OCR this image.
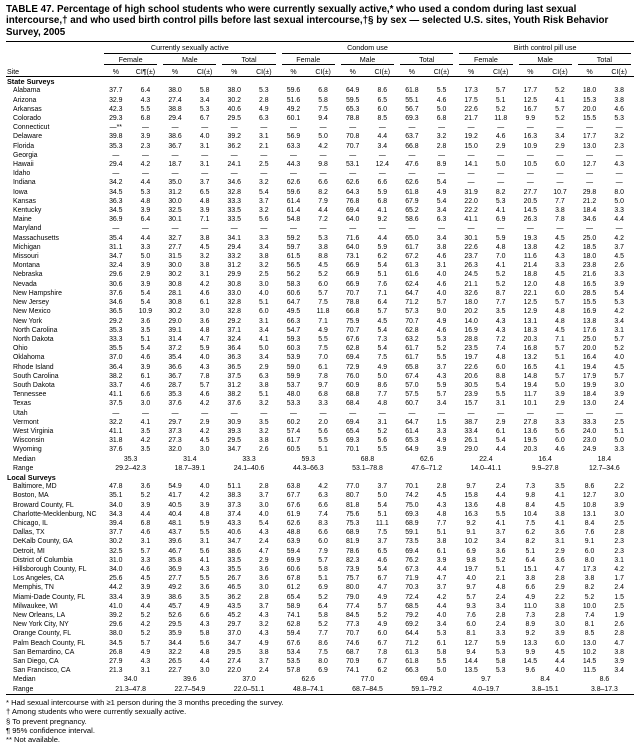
TABLE 47. Percentage of high school students who were currently sexually active,* who used a condom during last sexual intercourse,† and who used birth control pills before last sexual intercourse,†§ by sex — selected U.S. sites, Youth Risk Behavior Survey, 2005

	Currently sexually active						Condom use						Birth control pill use					

	Female		Male		Total		Female		Male		Total		Female		Male		Total	

Site	%	CI¶(±)	%	CI(±)	%	CI(±)	%	CI(±)	%	CI(±)	%	CI(±)	%	CI(±)	%	CI(±)	%	CI(±)
State Surveys																		
Alabama	37.7	6.4	38.0	5.8	38.0	5.3	59.6	6.8	64.9	8.6	61.8	5.5	17.3	5.7	17.7	5.2	18.0	3.8
Arizona	32.9	4.3	27.4	3.4	30.2	2.8	51.6	5.8	59.5	6.5	55.1	4.6	17.5	5.1	12.5	4.1	15.3	3.8
Arkansas	42.3	5.5	38.8	5.3	40.6	4.9	49.2	7.5	65.3	6.0	56.7	5.0	22.6	5.2	16.7	5.7	20.0	4.6
Colorado	29.3	6.8	29.4	6.7	29.5	6.3	60.1	9.4	78.8	8.5	69.3	6.8	21.7	11.8	9.9	5.2	15.5	5.3
Connecticut	—**	—	—	—	—	—	—	—	—	—	—	—	—	—	—	—	—	—
Delaware	39.8	3.9	38.6	4.0	39.2	3.1	56.9	5.0	70.8	4.4	63.7	3.2	19.2	4.6	16.3	3.4	17.7	3.2
Florida	35.3	2.3	36.7	3.1	36.2	2.1	63.3	4.2	70.7	3.4	66.8	2.8	15.0	2.9	10.9	2.9	13.0	2.3
Georgia	—	—	—	—	—	—	—	—	—	—	—	—	—	—	—	—	—	—
Hawaii	29.4	4.2	18.7	3.1	24.1	2.5	44.3	9.8	53.1	12.4	47.6	8.9	14.1	5.0	10.5	6.0	12.7	4.3
Idaho	—	—	—	—	—	—	—	—	—	—	—	—	—	—	—	—	—	—
Indiana	34.2	4.4	35.0	3.7	34.6	3.2	62.6	6.6	62.6	6.6	62.6	5.4	—	—	—	—	—	—
Iowa	34.5	5.3	31.2	6.5	32.8	5.4	59.6	8.2	64.3	5.9	61.8	4.9	31.9	8.2	27.7	10.7	29.8	8.0
Kansas	36.3	4.8	30.0	4.8	33.3	3.7	61.4	7.9	76.8	6.8	67.9	5.4	22.0	5.3	20.5	7.7	21.2	5.0
Kentucky	34.5	3.9	32.5	3.9	33.5	3.2	61.4	4.4	69.4	4.1	65.2	3.4	22.2	4.1	14.5	3.8	18.4	3.3
Maine	36.9	6.4	30.1	7.1	33.5	5.6	54.8	7.2	64.0	9.2	58.6	6.3	41.1	6.9	26.3	7.8	34.6	4.4
Maryland	—	—	—	—	—	—	—	—	—	—	—	—	—	—	—	—	—	—
Massachusetts	35.4	4.4	32.7	3.8	34.1	3.3	59.2	5.3	71.6	4.4	65.0	3.4	30.1	5.9	19.3	4.5	25.0	4.2
Michigan	31.1	3.3	27.7	4.5	29.4	3.4	59.7	3.8	64.0	5.9	61.7	3.8	22.6	4.8	13.8	4.2	18.5	3.7
Missouri	34.7	5.0	31.5	3.2	33.2	3.8	61.5	8.8	73.1	6.2	67.2	4.6	23.7	7.0	11.6	4.3	18.0	4.5
Montana	32.4	3.9	30.0	3.8	31.2	3.2	56.5	4.5	66.9	5.4	61.3	3.1	26.3	4.1	21.4	3.3	23.8	2.6
Nebraska	29.6	2.9	30.2	3.1	29.9	2.5	56.2	5.2	66.9	5.1	61.6	4.0	24.5	5.2	18.8	4.5	21.6	3.3
Nevada	30.6	3.9	30.8	4.2	30.8	3.0	58.3	6.0	66.9	7.6	62.4	4.6	21.1	5.2	12.0	4.8	16.5	3.9
New Hampshire	37.6	5.4	28.1	4.6	33.0	4.0	60.6	5.7	70.7	7.1	64.7	4.0	32.6	8.7	22.1	6.0	28.5	5.4
New Jersey	34.6	5.4	30.8	6.1	32.8	5.1	64.7	7.5	78.8	6.4	71.2	5.7	18.0	7.7	12.5	5.7	15.5	5.3
New Mexico	36.5	10.9	30.2	3.0	32.8	6.0	49.5	11.8	66.8	5.7	57.3	9.0	20.2	3.5	12.9	4.8	16.9	4.2
New York	29.2	3.6	29.0	3.6	29.2	3.1	66.3	7.1	75.9	4.5	70.7	4.9	14.0	4.3	13.1	4.8	13.8	3.4
North Carolina	35.3	3.5	39.1	4.8	37.1	3.4	54.7	4.9	70.7	5.4	62.8	4.6	16.9	4.3	18.3	4.5	17.6	3.1
North Dakota	33.3	5.1	31.4	4.7	32.4	4.1	59.3	5.5	67.6	7.3	63.2	5.3	28.8	7.2	20.3	7.1	25.0	5.7
Ohio	35.5	5.4	37.2	5.9	36.4	5.0	60.3	7.5	62.8	5.4	61.7	5.2	23.5	7.4	16.8	5.7	20.0	5.2
Oklahoma	37.0	4.6	35.4	4.0	36.3	3.4	53.9	7.0	69.4	7.5	61.7	5.5	19.7	4.8	13.2	5.1	16.4	4.0
Rhode Island	36.4	3.9	36.6	4.3	36.5	2.9	59.0	6.1	72.9	4.9	65.8	3.7	22.6	6.0	16.5	4.1	19.4	4.5
South Carolina	38.2	6.1	36.7	7.8	37.5	6.3	59.9	7.8	76.0	5.0	67.4	4.3	20.6	8.8	14.8	5.7	17.9	5.7
South Dakota	33.7	4.6	28.7	5.7	31.2	3.8	53.7	9.7	60.9	8.6	57.0	5.9	30.5	5.4	19.4	5.0	19.9	3.0
Tennessee	41.1	6.6	35.3	4.6	38.2	5.1	48.0	6.8	68.8	7.7	57.5	5.7	23.9	5.5	11.7	3.9	18.4	3.9
Texas	37.5	3.0	37.6	4.2	37.6	3.2	53.3	3.3	68.4	4.8	60.7	3.4	15.7	3.1	10.1	2.9	13.0	2.4
Utah	—	—	—	—	—	—	—	—	—	—	—	—	—	—	—	—	—	—
Vermont	32.2	4.1	29.7	2.9	30.9	3.5	60.2	2.0	69.4	3.1	64.7	1.5	38.7	2.9	27.8	3.3	33.3	2.5
West Virginia	41.1	3.5	37.3	4.2	39.3	3.2	57.4	5.6	65.4	5.2	61.4	3.3	33.4	6.1	13.6	5.6	24.0	5.1
Wisconsin	31.8	4.2	27.3	4.5	29.5	3.8	61.7	5.5	69.3	5.6	65.3	4.9	26.1	5.4	19.5	6.0	23.0	5.0
Wyoming	37.6	3.5	32.0	3.0	34.7	2.6	60.5	5.1	70.1	5.5	64.9	3.9	29.0	4.4	20.3	4.6	24.9	3.3
Median	35.3		31.4		33.3		59.3		68.8		62.6		22.4		16.4		18.4	
Range	29.2–42.3		18.7–39.1		24.1–40.6		44.3–66.3		53.1–78.8		47.6–71.2		14.0–41.1		9.9–27.8		12.7–34.6	
Local Surveys																		
Baltimore, MD	47.8	3.6	54.9	4.0	51.1	2.8	63.8	4.2	77.0	3.7	70.1	2.8	9.7	2.4	7.3	3.5	8.6	2.2
Boston, MA	35.1	5.2	41.7	4.2	38.3	3.7	67.7	6.3	80.7	5.0	74.2	4.5	15.8	4.4	9.8	4.1	12.7	3.0
Broward County, FL	34.0	3.9	40.5	3.9	37.3	3.0	67.6	6.6	81.8	5.4	75.0	4.3	13.6	4.8	8.4	4.5	10.8	3.9
Charlotte-Mecklenburg, NC	34.3	4.4	40.4	4.8	37.4	4.0	61.9	7.4	75.6	5.1	69.3	4.8	16.3	5.5	10.4	3.8	13.1	3.0
Chicago, IL	39.4	6.8	48.1	5.9	43.3	5.4	62.6	8.3	75.3	11.1	68.9	7.7	9.2	4.1	7.5	4.1	8.4	2.5
Dallas, TX	37.7	4.6	43.7	5.5	40.6	4.3	48.8	6.6	68.9	7.5	59.1	5.1	9.1	3.7	6.2	3.6	7.6	2.8
DeKalb County, GA	30.2	3.1	39.6	3.1	34.7	2.4	63.9	6.0	81.9	3.7	73.5	3.8	10.2	3.4	8.2	3.1	9.1	2.3
Detroit, MI	32.5	5.7	46.7	5.6	38.6	4.7	59.4	7.9	78.6	6.5	69.4	6.1	6.9	3.6	5.1	2.9	6.0	2.3
District of Columbia	31.0	3.3	35.8	4.1	33.5	2.9	69.9	5.7	82.3	4.6	76.2	3.9	9.8	5.2	6.4	3.6	8.0	3.1
Hillsborough County, FL	34.0	4.6	36.9	4.3	35.5	3.6	60.6	5.8	73.9	5.4	67.3	4.4	19.7	5.1	15.1	4.7	17.3	4.2
Los Angeles, CA	25.6	4.5	27.7	5.5	26.7	3.6	67.8	5.1	75.7	6.7	71.9	4.7	4.0	2.1	3.8	2.8	3.8	1.7
Memphis, TN	44.2	3.9	49.2	3.6	46.5	3.0	61.2	6.9	80.0	4.7	70.3	3.7	9.7	4.8	6.6	2.9	8.2	2.4
Miami-Dade County, FL	33.4	3.9	38.6	3.5	36.2	2.8	65.4	5.2	79.0	4.9	72.4	4.2	5.7	2.4	4.9	2.2	5.2	1.5
Milwaukee, WI	41.0	4.4	45.7	4.9	43.5	3.7	58.9	6.4	77.4	5.7	68.5	4.4	9.3	3.4	11.0	3.8	10.0	2.5
New Orleans, LA	39.2	5.2	52.6	6.6	45.2	4.3	74.1	5.8	84.5	5.2	79.2	4.0	7.6	2.8	7.3	2.8	7.4	1.9
New York City, NY	29.6	4.2	29.5	4.3	29.7	3.2	62.8	5.2	77.3	4.9	69.2	3.4	6.0	2.4	8.9	3.0	8.1	2.6
Orange County, FL	38.0	5.2	35.9	5.8	37.0	4.3	59.4	7.7	70.7	6.0	64.4	5.3	8.1	3.3	9.2	3.9	8.5	2.8
Palm Beach County, FL	34.5	5.7	34.4	5.6	34.7	4.9	67.6	8.6	74.6	6.7	71.2	6.1	12.7	5.9	13.3	6.0	13.0	4.7
San Bernardino, CA	26.8	4.9	32.2	4.8	29.5	3.8	53.4	7.5	68.7	7.8	61.3	5.8	9.4	5.3	9.9	4.5	10.2	3.8
San Diego, CA	27.9	4.3	26.5	4.4	27.4	3.7	53.5	8.0	70.9	6.7	61.8	5.5	14.4	5.8	14.5	4.4	14.5	3.9
San Francisco, CA	21.3	3.1	22.7	3.0	22.0	2.4	57.8	6.9	74.1	6.2	66.3	5.0	13.5	5.3	9.6	4.0	11.5	3.4
Median	34.0		39.6		37.0		62.6		77.0		69.4		9.7		8.4		8.6	
Range	21.3–47.8		22.7–54.9		22.0–51.1		48.8–74.1		68.7–84.5		59.1–79.2		4.0–19.7		3.8–15.1		3.8–17.3	
* Had sexual intercourse with ≥1 person during the 3 months preceding the survey.
† Among students who were currently sexually active.
§ To prevent pregnancy.
¶ 95% confidence interval.
** Not available.
